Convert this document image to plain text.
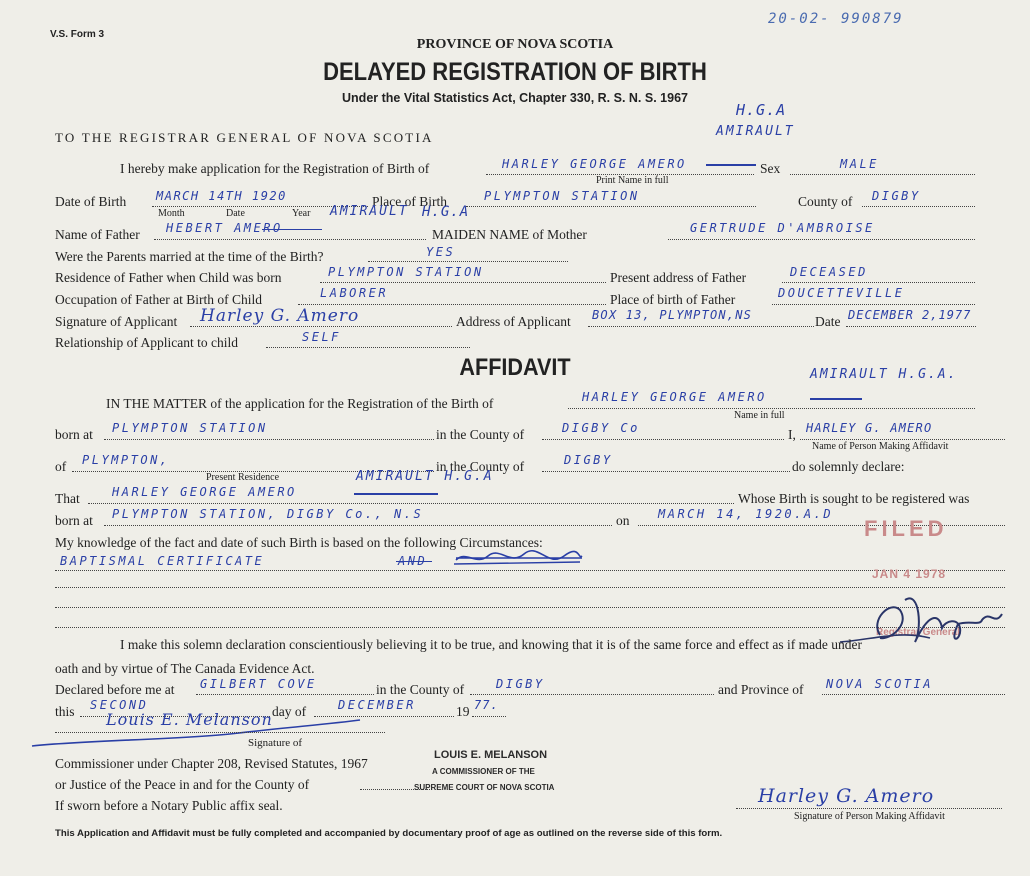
V.S. Form 3
20-02- 990879
PROVINCE OF NOVA SCOTIA
DELAYED REGISTRATION OF BIRTH
Under the Vital Statistics Act, Chapter 330, R. S. N. S. 1967
TO THE REGISTRAR GENERAL OF NOVA SCOTIA
H.G.A
AMIRAULT
I hereby make application for the Registration of Birth of	HARLEY GEORGE AMERO
Print Name in full
Sex	MALE
Date of Birth MARCH 14TH 1920
Month	Date	Year
Place of Birth	PLYMPTON STATION	County of DIGBY
AMIRAULT H.G.A
Name of Father HEBERT AMERO	MAIDEN NAME of Mother	GERTRUDE D'AMBROISE
Were the Parents married at the time of the Birth?	YES
Residence of Father when Child was born	PLYMPTON STATION	Present address of Father	DECEASED
Occupation of Father at Birth of Child	LABORER	Place of birth of Father	DOUCETTEVILLE
Signature of Applicant Harley G. Amero	Address of Applicant BOX 13, PLYMPTON,NS	Date DECEMBER 2,1977
Relationship of Applicant to child	SELF
AFFIDAVIT	AMIRAULT H.G.A.
IN THE MATTER of the application for the Registration of the Birth of	HARLEY GEORGE AMERO
Name in full
born at PLYMPTON STATION	in the County of	DIGBY Co	I, HARLEY G. AMERO
Name of Person Making Affidavit
of PLYMPTON,
Present Residence
in the County of	DIGBY	do solemnly declare:
AMIRAULT H.G.A
That	HARLEY GEORGE AMERO	Whose Birth is sought to be registered was
born at PLYMPTON STATION, DIGBY Co., N.S	on MARCH 14, 1920.A.D
My knowledge of the fact and date of such Birth is based on the following Circumstances:
BAPTISMAL CERTIFICATE	AND
FILED
JAN 4 1978
Registrar General
I make this solemn declaration conscientiously believing it to be true, and knowing that it is of the same force and effect as if made under
oath and by virtue of The Canada Evidence Act.
Declared before me at GILBERT COVE	in the County of	DIGBY	and Province of NOVA SCOTIA
this SECOND	day of	DECEMBER	19 77.
Louis E. Melanson
Signature of
Commissioner under Chapter 208, Revised Statutes, 1967
or Justice of the Peace in and for the County of
If sworn before a Notary Public affix seal.
LOUIS E. MELANSON
A COMMISSIONER OF THE
SUPREME COURT OF NOVA SCOTIA	Harley G. Amero
Signature of Person Making Affidavit
This Application and Affidavit must be fully completed and accompanied by documentary proof of age as outlined on the reverse side of this form.
